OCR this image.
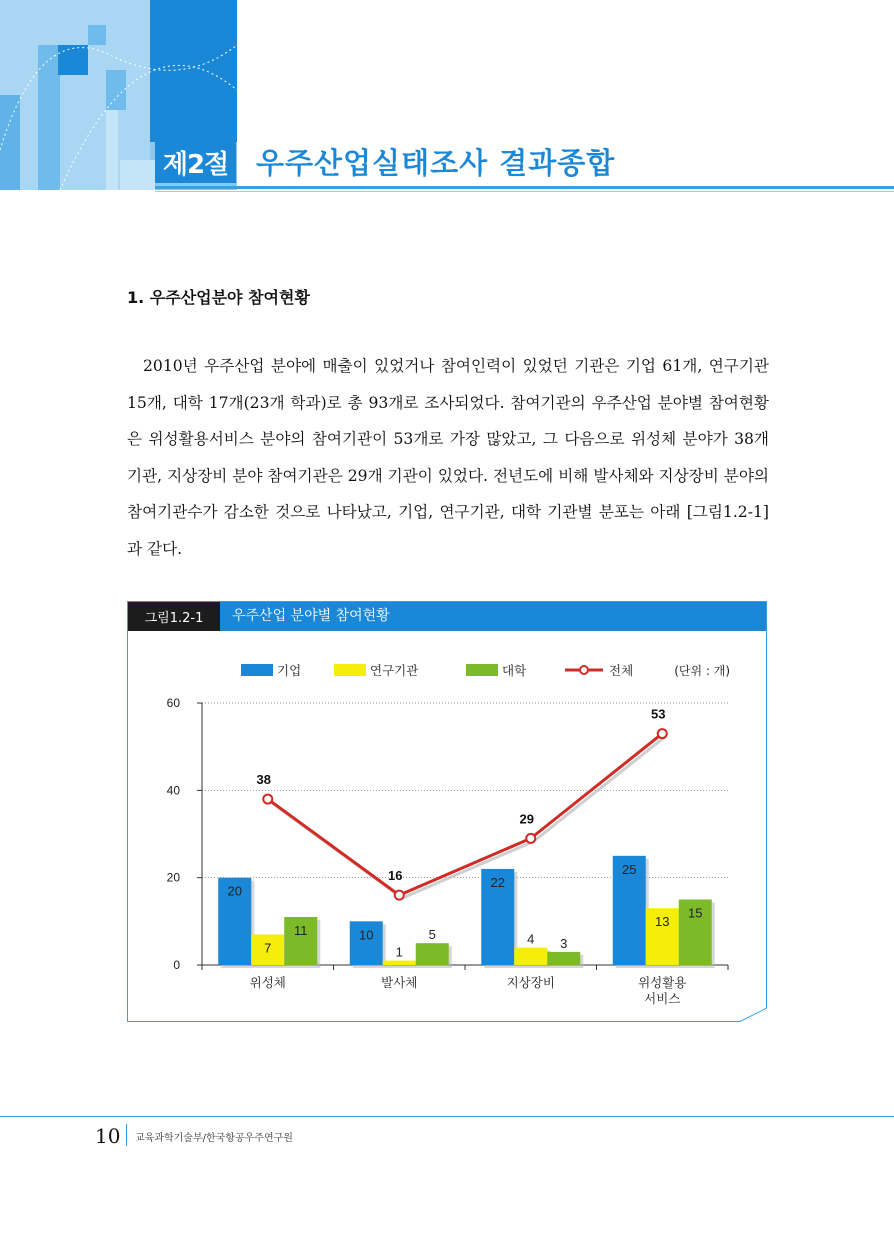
제2절 우주산업실태조사 결과종합
1. 우주산업분야 참여현황
2010년 우주산업 분야에 매출이 있었거나 참여인력이 있었던 기관은 기업 61개, 연구기관 15개, 대학 17개(23개 학과)로 총 93개로 조사되었다. 참여기관의 우주산업 분야별 참여현황은 위성활용서비스 분야의 참여기관이 53개로 가장 많았고, 그 다음으로 위성체 분야가 38개 기관, 지상장비 분야 참여기관은 29개 기관이 있었다. 전년도에 비해 발사체와 지상장비 분야의 참여기관수가 감소한 것으로 나타났고, 기업, 연구기관, 대학 기관별 분포는 아래 [그림1.2-1]과 같다.
그림1.2-1	우주산업 분야별 참여현황
0
20
40
60
20
10
22
25
7	1
4
13
11	5
3
15
위성체	발사체	지상장비	위성활용
서비스
38
16
29
53
기업	연구기관	대학	전체	(단위 : 개)
10 교육과학기술부/한국항공우주연구원
